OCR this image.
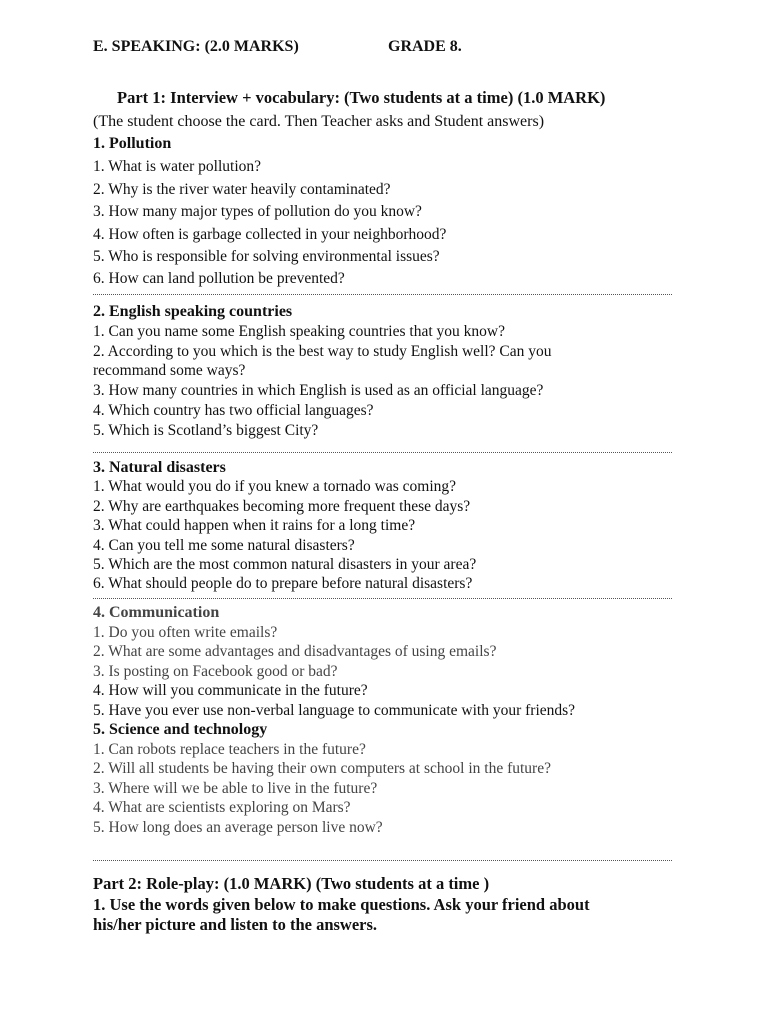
E. SPEAKING: (2.0 MARKS)	GRADE 8.
Part 1: Interview + vocabulary: (Two students at a time) (1.0 MARK)
(The student choose the card. Then Teacher asks and Student answers)
1. Pollution
1. What is water pollution?
2. Why is the river water heavily contaminated?
3. How many major types of pollution do you know?
4. How often is garbage collected in your neighborhood?
5. Who is responsible for solving environmental issues?
6. How can land pollution be prevented?
2. English speaking countries
1. Can you name some English speaking countries that you know?
2. According to you which is the best way to study English well? Can you
recommand some ways?
3. How many countries in which English is used as an official language?
4. Which country has two official languages?
5. Which is Scotland’s biggest City?
3. Natural disasters
1. What would you do if you knew a tornado was coming?
2. Why are earthquakes becoming more frequent these days?
3. What could happen when it rains for a long time?
4. Can you tell me some natural disasters?
5. Which are the most common natural disasters in your area?
6. What should people do to prepare before natural disasters?
4. Communication
1. Do you often write emails?
2. What are some advantages and disadvantages of using emails?
3. Is posting on Facebook good or bad?
4. How will you communicate in the future?
5. Have you ever use non-verbal language to communicate with your friends?
5. Science and technology
1. Can robots replace teachers in the future?
2. Will all students be having their own computers at school in the future?
3. Where will we be able to live in the future?
4. What are scientists exploring on Mars?
5. How long does an average person live now?
Part 2: Role-play: (1.0 MARK) (Two students at a time )
1. Use the words given below to make questions. Ask your friend about
his/her picture and listen to the answers.
